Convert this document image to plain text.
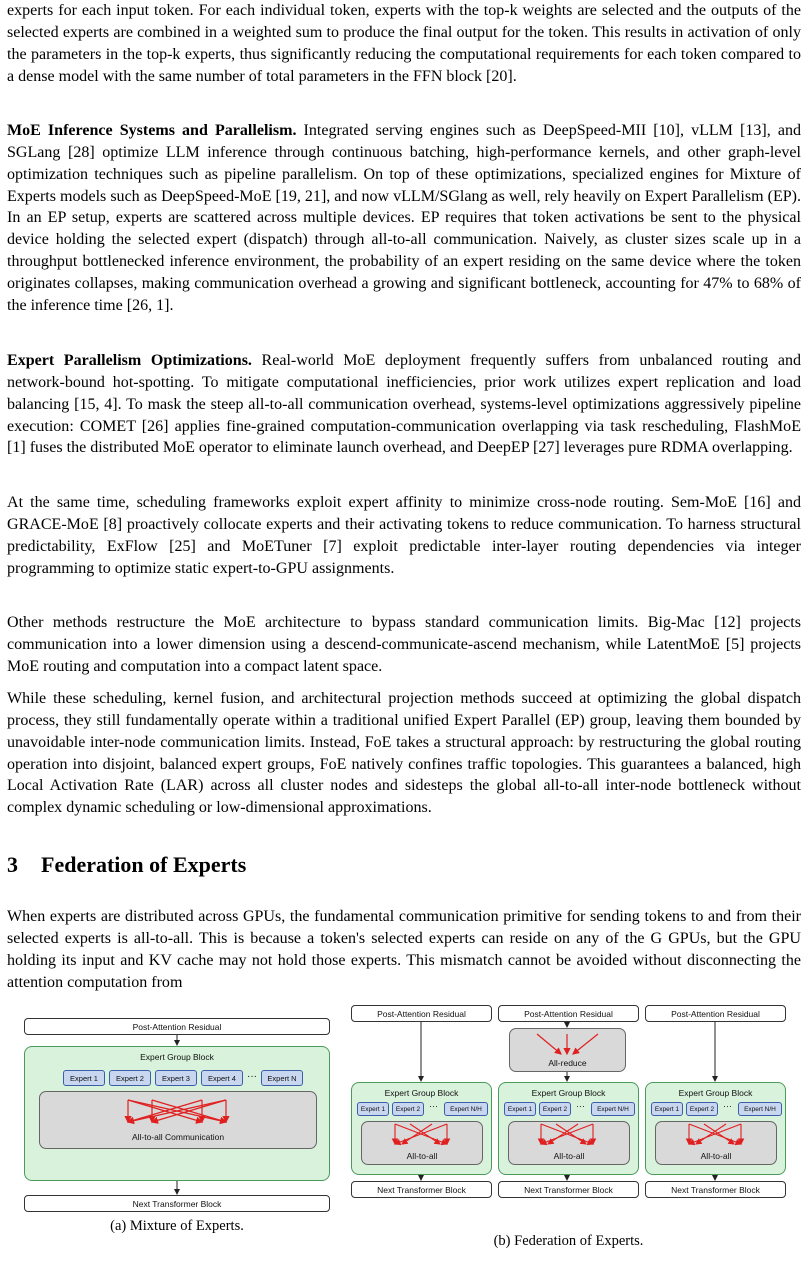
experts for each input token. For each individual token, experts with the top-k weights are selected and the outputs of the selected experts are combined in a weighted sum to produce the final output for the token. This results in activation of only the parameters in the top-k experts, thus significantly reducing the computational requirements for each token compared to a dense model with the same number of total parameters in the FFN block [20].

MoE Inference Systems and Parallelism. Integrated serving engines such as DeepSpeed-MII [10], vLLM [13], and SGLang [28] optimize LLM inference through continuous batching, high-performance kernels, and other graph-level optimization techniques such as pipeline parallelism. On top of these optimizations, specialized engines for Mixture of Experts models such as DeepSpeed-MoE [19, 21], and now vLLM/SGlang as well, rely heavily on Expert Parallelism (EP). In an EP setup, experts are scattered across multiple devices. EP requires that token activations be sent to the physical device holding the selected expert (dispatch) through all-to-all communication. Naively, as cluster sizes scale up in a throughput bottlenecked inference environment, the probability of an expert residing on the same device where the token originates collapses, making communication overhead a growing and significant bottleneck, accounting for 47% to 68% of the inference time [26, 1].

Expert Parallelism Optimizations. Real-world MoE deployment frequently suffers from unbalanced routing and network-bound hot-spotting. To mitigate computational inefficiencies, prior work utilizes expert replication and load balancing [15, 4]. To mask the steep all-to-all communication overhead, systems-level optimizations aggressively pipeline execution: COMET [26] applies fine-grained computation-communication overlapping via task rescheduling, FlashMoE [1] fuses the distributed MoE operator to eliminate launch overhead, and DeepEP [27] leverages pure RDMA overlapping.

At the same time, scheduling frameworks exploit expert affinity to minimize cross-node routing. Sem-MoE [16] and GRACE-MoE [8] proactively collocate experts and their activating tokens to reduce communication. To harness structural predictability, ExFlow [25] and MoETuner [7] exploit predictable inter-layer routing dependencies via integer programming to optimize static expert-to-GPU assignments.

Other methods restructure the MoE architecture to bypass standard communication limits. Big-Mac [12] projects communication into a lower dimension using a descend-communicate-ascend mechanism, while LatentMoE [5] projects MoE routing and computation into a compact latent space.

While these scheduling, kernel fusion, and architectural projection methods succeed at optimizing the global dispatch process, they still fundamentally operate within a traditional unified Expert Parallel (EP) group, leaving them bounded by unavoidable inter-node communication limits. Instead, FoE takes a structural approach: by restructuring the global routing operation into disjoint, balanced expert groups, FoE natively confines traffic topologies. This guarantees a balanced, high Local Activation Rate (LAR) across all cluster nodes and sidesteps the global all-to-all inter-node bottleneck without complex dynamic scheduling or low-dimensional approximations.

3 Federation of Experts

When experts are distributed across GPUs, the fundamental communication primitive for sending tokens to and from their selected experts is all-to-all. This is because a token's selected experts can reside on any of the G GPUs, but the GPU holding its input and KV cache may not hold those experts. This mismatch cannot be avoided without disconnecting the attention computation from

Post-Attention Residual
Expert Group Block
Expert 1	Expert 2	Expert 3	Expert 4	···	Expert N
All-to-all Communication
Next Transformer Block
(a) Mixture of Experts.
Post-Attention Residual	Post-Attention Residual	Post-Attention Residual
All-reduce
Expert Group Block
Expert 1	Expert 2 ···	Expert N/H
All-to-all
Expert Group Block
Expert 1	Expert 2 ···	Expert N/H
All-to-all
Expert Group Block
Expert 1	Expert 2 ···	Expert N/H
All-to-all
Next Transformer Block	Next Transformer Block	Next Transformer Block
(b) Federation of Experts.
